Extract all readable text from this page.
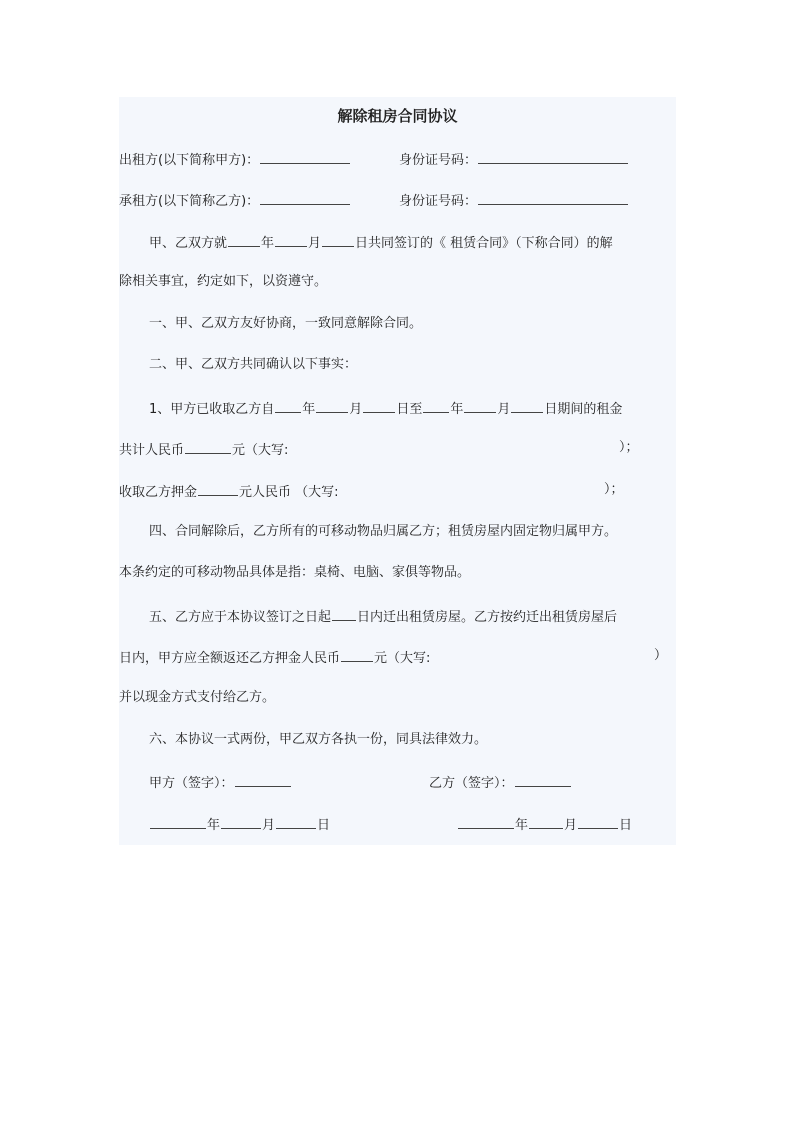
解除租房合同协议
出租方(以下简称甲方)：	身份证号码：
承租方(以下简称乙方)：	身份证号码：
甲、乙双方就	年	月	日共同签订的《 租赁合同》（下称合同）的解
除相关事宜，约定如下，以资遵守。
一、甲、乙双方友好协商，一致同意解除合同。
二、甲、乙双方共同确认以下事实：
1、甲方已收取乙方自 年	月	日至 年	月	日期间的租金
共计人民币	元（大写:	）；
收取乙方押金	元人民币 （大写:	）；
四、合同解除后，乙方所有的可移动物品归属乙方；租赁房屋内固定物归属甲方。
本条约定的可移动物品具体是指：桌椅、电脑、家俱等物品。
五、乙方应于本协议签订之日起 日内迁出租赁房屋。乙方按约迁出租赁房屋后
日内，甲方应全额返还乙方押金人民币	元（大写:	）
并以现金方式支付给乙方。
六、本协议一式两份，甲乙双方各执一份，同具法律效力。
甲方（签字）：	乙方（签字）：
年	月	日	年	月	日
